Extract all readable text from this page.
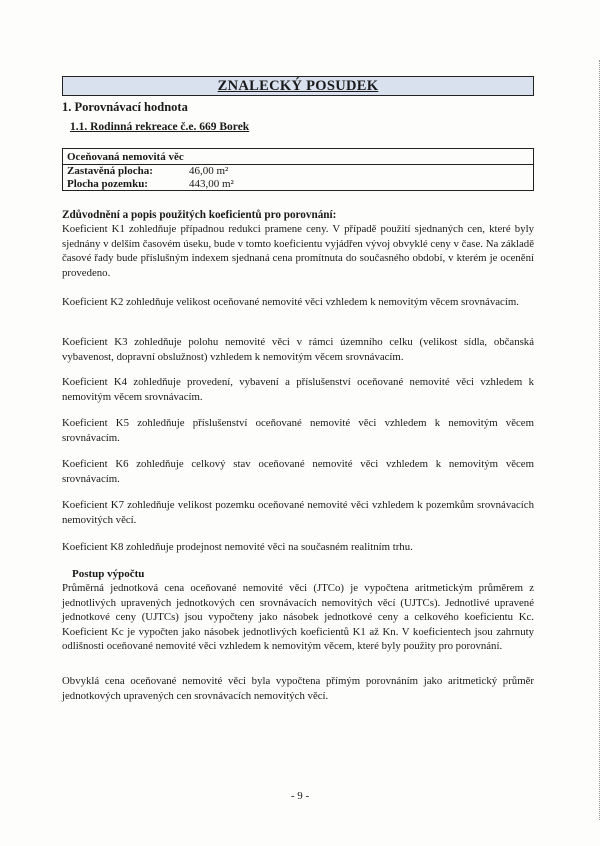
ZNALECKÝ POSUDEK
1. Porovnávací hodnota
1.1. Rodinná rekreace č.e. 669 Borek
Oceňovaná nemovitá věc
Zastavěná plocha:	46,00 m²
Plocha pozemku:	443,00 m²
Zdůvodnění a popis použitých koeficientů pro porovnání:
Koeficient K1 zohledňuje případnou redukci pramene ceny. V případě použití sjednaných cen, které byly sjednány v delším časovém úseku, bude v tomto koeficientu vyjádřen vývoj obvyklé ceny v čase. Na základě časové řady bude příslušným indexem sjednaná cena promítnuta do současného období, v kterém je ocenění provedeno.
Koeficient K2 zohledňuje velikost oceňované nemovité věci vzhledem k nemovitým věcem srovnávacím.
Koeficient K3 zohledňuje polohu nemovité věci v rámci územního celku (velikost sídla, občanská vybavenost, dopravní obslužnost) vzhledem k nemovitým věcem srovnávacím.
Koeficient K4 zohledňuje provedení, vybavení a příslušenství oceňované nemovité věci vzhledem k nemovitým věcem srovnávacím.
Koeficient K5 zohledňuje příslušenství oceňované nemovité věci vzhledem k nemovitým věcem srovnávacím.
Koeficient K6 zohledňuje celkový stav oceňované nemovité věci vzhledem k nemovitým věcem srovnávacím.
Koeficient K7 zohledňuje velikost pozemku oceňované nemovité věci vzhledem k pozemkům srovnávacích nemovitých věcí.
Koeficient K8 zohledňuje prodejnost nemovité věci na současném realitním trhu.
Postup výpočtu
Průměrná jednotková cena oceňované nemovité věci (JTCo) je vypočtena aritmetickým průměrem z jednotlivých upravených jednotkových cen srovnávacích nemovitých věcí (UJTCs). Jednotlivé upravené jednotkové ceny (UJTCs) jsou vypočteny jako násobek jednotkové ceny a celkového koeficientu Kc. Koeficient Kc je vypočten jako násobek jednotlivých koeficientů K1 až Kn. V koeficientech jsou zahrnuty odlišnosti oceňované nemovité věci vzhledem k nemovitým věcem, které byly použity pro porovnání.
Obvyklá cena oceňované nemovité věci byla vypočtena přímým porovnáním jako aritmetický průměr jednotkových upravených cen srovnávacích nemovitých věcí.
- 9 -
